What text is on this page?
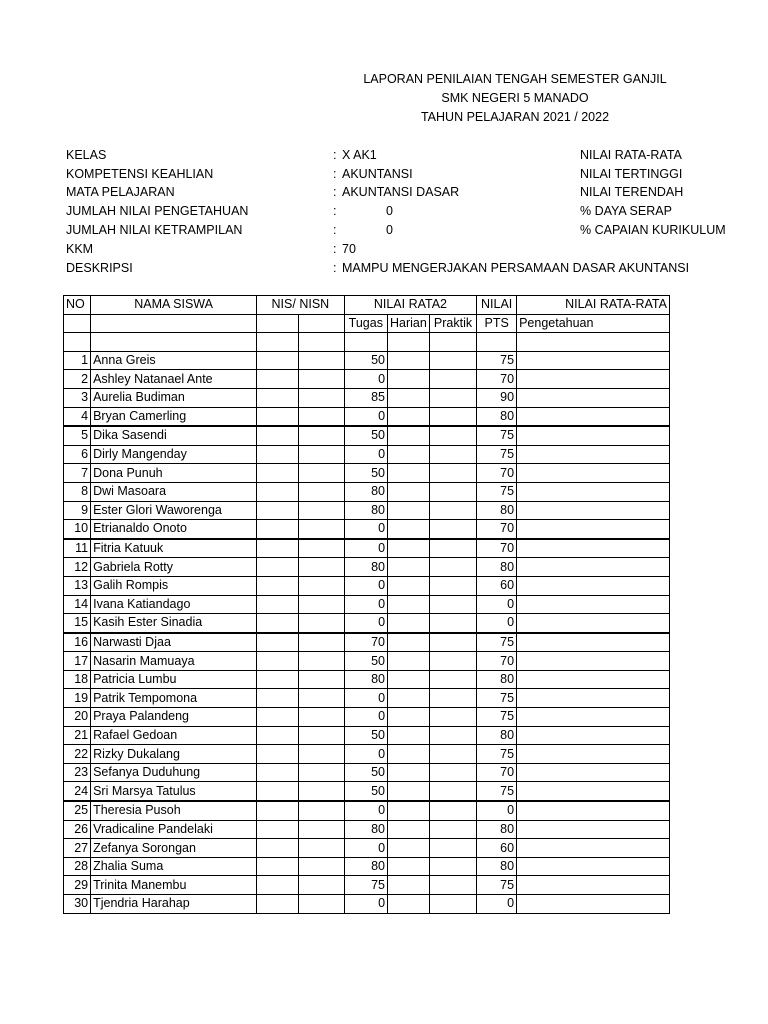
LAPORAN PENILAIAN TENGAH SEMESTER GANJIL
SMK NEGERI 5 MANADO
TAHUN PELAJARAN 2021 / 2022
KELAS	: X AK1
KOMPETENSI KEAHLIAN	: AKUNTANSI
MATA PELAJARAN	: AKUNTANSI DASAR
JUMLAH NILAI PENGETAHUAN	:	0
JUMLAH NILAI KETRAMPILAN	:	0
KKM	: 70
DESKRIPSI	: MAMPU MENGERJAKAN PERSAMAAN DASAR AKUNTANSI
NILAI RATA-RATA
NILAI TERTINGGI
NILAI TERENDAH
% DAYA SERAP
% CAPAIAN KURIKULUM
NO	NAMA SISWA	NIS/ NISN		NILAI RATA2			NILAI	NILAI RATA-RATA
				Tugas	Harian	Praktik	PTS	Pengetahuan

1	Anna Greis			50			75	
2	Ashley Natanael Ante			0			70	
3	Aurelia Budiman			85			90	
4	Bryan Camerling			0			80	
5	Dika Sasendi			50			75	
6	Dirly Mangenday			0			75	
7	Dona Punuh			50			70	
8	Dwi Masoara			80			75	
9	Ester Glori Waworenga			80			80	
10	Etrianaldo Onoto			0			70	
11	Fitria Katuuk			0			70	
12	Gabriela Rotty			80			80	
13	Galih Rompis			0			60	
14	Ivana Katiandago			0			0	
15	Kasih Ester Sinadia			0			0	
16	Narwasti Djaa			70			75	
17	Nasarin Mamuaya			50			70	
18	Patricia Lumbu			80			80	
19	Patrik Tempomona			0			75	
20	Praya Palandeng			0			75	
21	Rafael Gedoan			50			80	
22	Rizky Dukalang			0			75	
23	Sefanya Duduhung			50			70	
24	Sri Marsya Tatulus			50			75	
25	Theresia Pusoh			0			0	
26	Vradicaline Pandelaki			80			80	
27	Zefanya Sorongan			0			60	
28	Zhalia Suma			80			80	
29	Trinita Manembu			75			75	
30	Tjendria Harahap			0			0	
